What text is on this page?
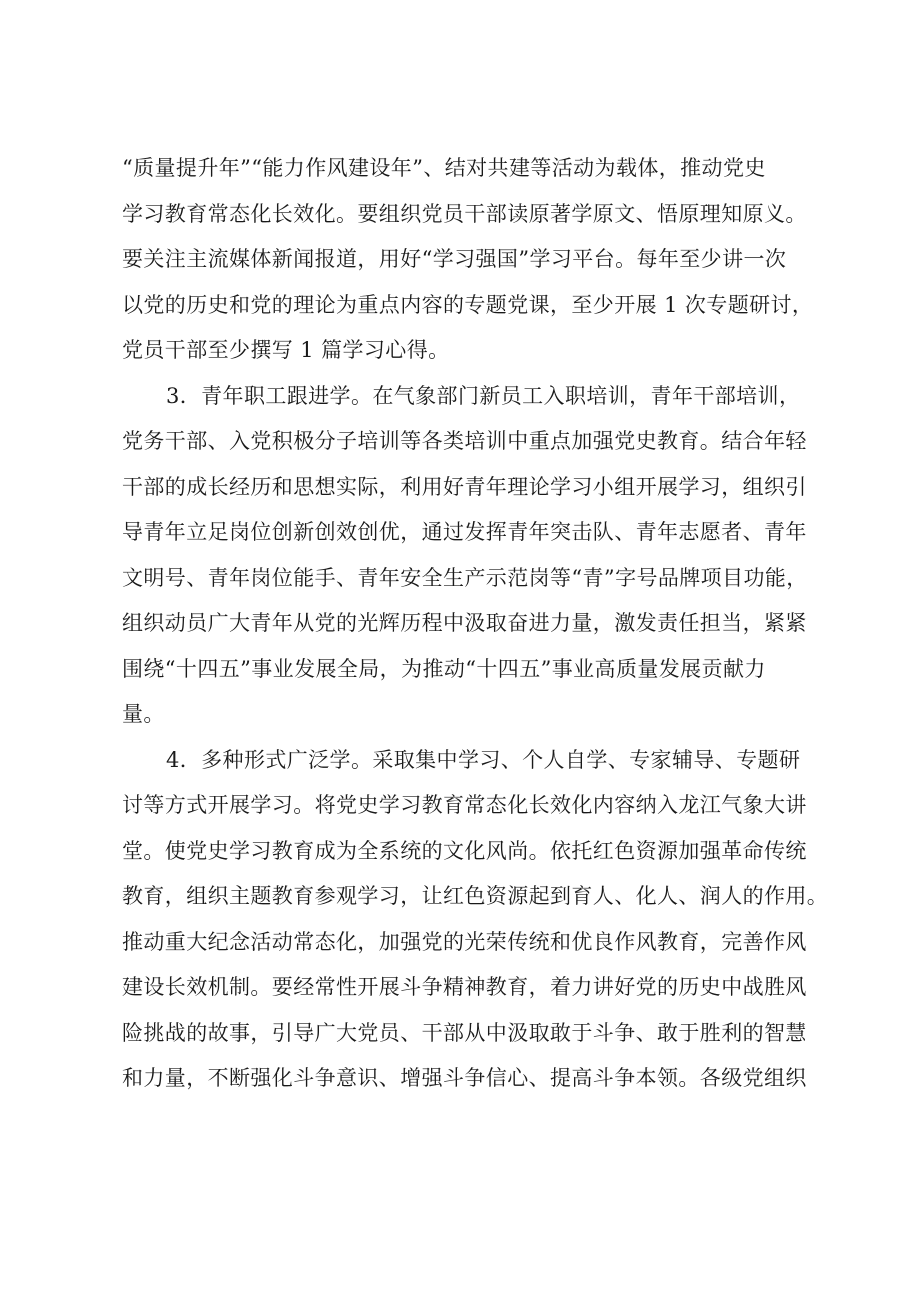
“质量提升年”“能力作风建设年”、结对共建等活动为载体，推动党史
学习教育常态化长效化。要组织党员干部读原著学原文、悟原理知原义。
要关注主流媒体新闻报道，用好“学习强国”学习平台。每年至少讲一次
以党的历史和党的理论为重点内容的专题党课，至少开展 1 次专题研讨，
党员干部至少撰写 1 篇学习心得。
3．青年职工跟进学。在气象部门新员工入职培训，青年干部培训，
党务干部、入党积极分子培训等各类培训中重点加强党史教育。结合年轻
干部的成长经历和思想实际，利用好青年理论学习小组开展学习，组织引
导青年立足岗位创新创效创优，通过发挥青年突击队、青年志愿者、青年
文明号、青年岗位能手、青年安全生产示范岗等“青”字号品牌项目功能，
组织动员广大青年从党的光辉历程中汲取奋进力量，激发责任担当，紧紧
围绕“十四五”事业发展全局，为推动“十四五”事业高质量发展贡献力
量。
4．多种形式广泛学。采取集中学习、个人自学、专家辅导、专题研
讨等方式开展学习。将党史学习教育常态化长效化内容纳入龙江气象大讲
堂。使党史学习教育成为全系统的文化风尚。依托红色资源加强革命传统
教育，组织主题教育参观学习，让红色资源起到育人、化人、润人的作用。
推动重大纪念活动常态化，加强党的光荣传统和优良作风教育，完善作风
建设长效机制。要经常性开展斗争精神教育，着力讲好党的历史中战胜风
险挑战的故事，引导广大党员、干部从中汲取敢于斗争、敢于胜利的智慧
和力量，不断强化斗争意识、增强斗争信心、提高斗争本领。各级党组织
